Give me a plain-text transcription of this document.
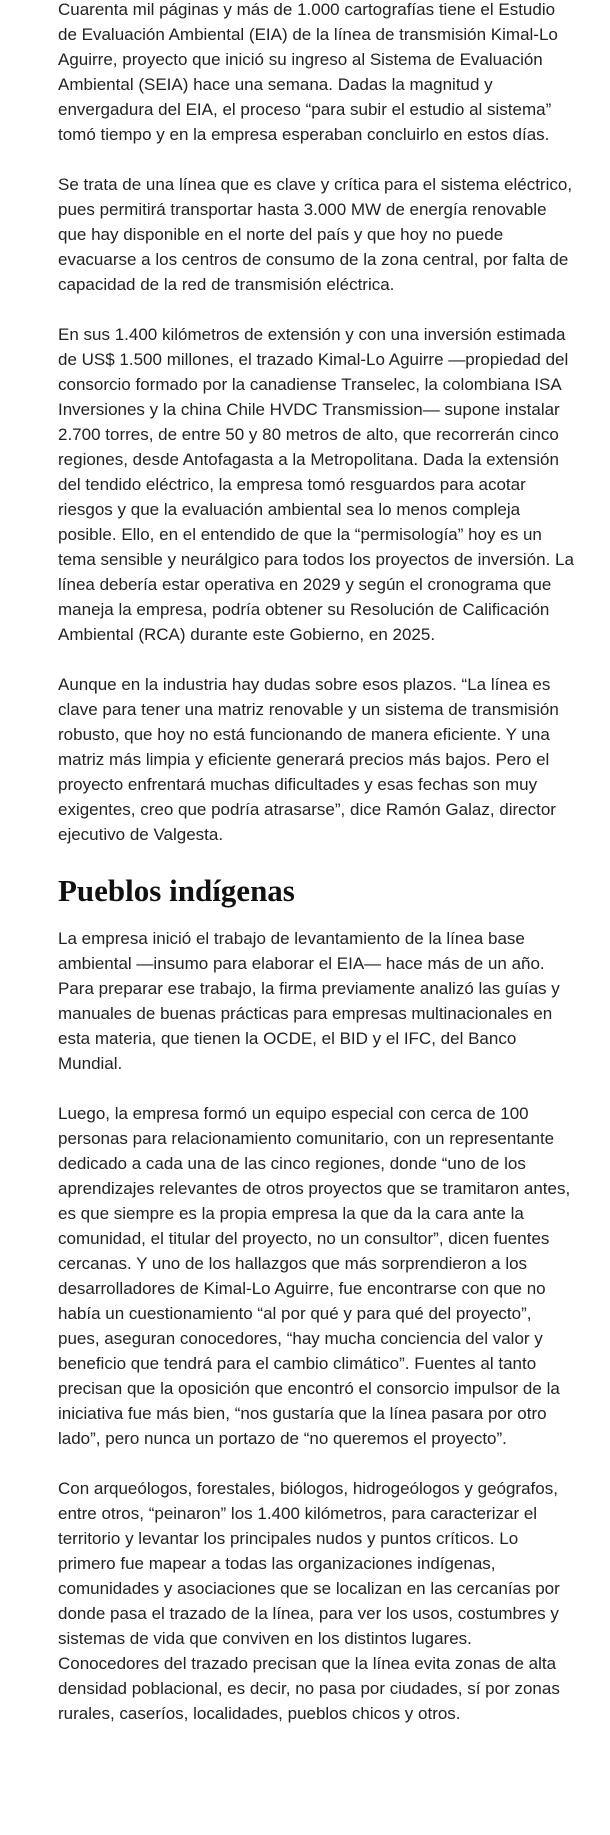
Cuarenta mil páginas y más de 1.000 cartografías tiene el Estudio de Evaluación Ambiental (EIA) de la línea de transmisión Kimal-Lo Aguirre, proyecto que inició su ingreso al Sistema de Evaluación Ambiental (SEIA) hace una semana. Dadas la magnitud y envergadura del EIA, el proceso “para subir el estudio al sistema” tomó tiempo y en la empresa esperaban concluirlo en estos días.

Se trata de una línea que es clave y crítica para el sistema eléctrico, pues permitirá transportar hasta 3.000 MW de energía renovable que hay disponible en el norte del país y que hoy no puede evacuarse a los centros de consumo de la zona central, por falta de capacidad de la red de transmisión eléctrica.

En sus 1.400 kilómetros de extensión y con una inversión estimada de US$ 1.500 millones, el trazado Kimal-Lo Aguirre —propiedad del consorcio formado por la canadiense Transelec, la colombiana ISA Inversiones y la china Chile HVDC Transmission— supone instalar 2.700 torres, de entre 50 y 80 metros de alto, que recorrerán cinco regiones, desde Antofagasta a la Metropolitana. Dada la extensión del tendido eléctrico, la empresa tomó resguardos para acotar riesgos y que la evaluación ambiental sea lo menos compleja posible. Ello, en el entendido de que la “permisología” hoy es un tema sensible y neurálgico para todos los proyectos de inversión. La línea debería estar operativa en 2029 y según el cronograma que maneja la empresa, podría obtener su Resolución de Calificación Ambiental (RCA) durante este Gobierno, en 2025.

Aunque en la industria hay dudas sobre esos plazos. “La línea es clave para tener una matriz renovable y un sistema de transmisión robusto, que hoy no está funcionando de manera eficiente. Y una matriz más limpia y eficiente generará precios más bajos. Pero el proyecto enfrentará muchas dificultades y esas fechas son muy exigentes, creo que podría atrasarse”, dice Ramón Galaz, director ejecutivo de Valgesta.

Pueblos indígenas

La empresa inició el trabajo de levantamiento de la línea base ambiental —insumo para elaborar el EIA— hace más de un año. Para preparar ese trabajo, la firma previamente analizó las guías y manuales de buenas prácticas para empresas multinacionales en esta materia, que tienen la OCDE, el BID y el IFC, del Banco Mundial.

Luego, la empresa formó un equipo especial con cerca de 100 personas para relacionamiento comunitario, con un representante dedicado a cada una de las cinco regiones, donde “uno de los aprendizajes relevantes de otros proyectos que se tramitaron antes, es que siempre es la propia empresa la que da la cara ante la comunidad, el titular del proyecto, no un consultor”, dicen fuentes cercanas. Y uno de los hallazgos que más sorprendieron a los desarrolladores de Kimal-Lo Aguirre, fue encontrarse con que no había un cuestionamiento “al por qué y para qué del proyecto”, pues, aseguran conocedores, “hay mucha conciencia del valor y beneficio que tendrá para el cambio climático”. Fuentes al tanto precisan que la oposición que encontró el consorcio impulsor de la iniciativa fue más bien, “nos gustaría que la línea pasara por otro lado”, pero nunca un portazo de “no queremos el proyecto”.

Con arqueólogos, forestales, biólogos, hidrogeólogos y geógrafos, entre otros, “peinaron” los 1.400 kilómetros, para caracterizar el territorio y levantar los principales nudos y puntos críticos. Lo primero fue mapear a todas las organizaciones indígenas, comunidades y asociaciones que se localizan en las cercanías por donde pasa el trazado de la línea, para ver los usos, costumbres y sistemas de vida que conviven en los distintos lugares. Conocedores del trazado precisan que la línea evita zonas de alta densidad poblacional, es decir, no pasa por ciudades, sí por zonas rurales, caseríos, localidades, pueblos chicos y otros.
